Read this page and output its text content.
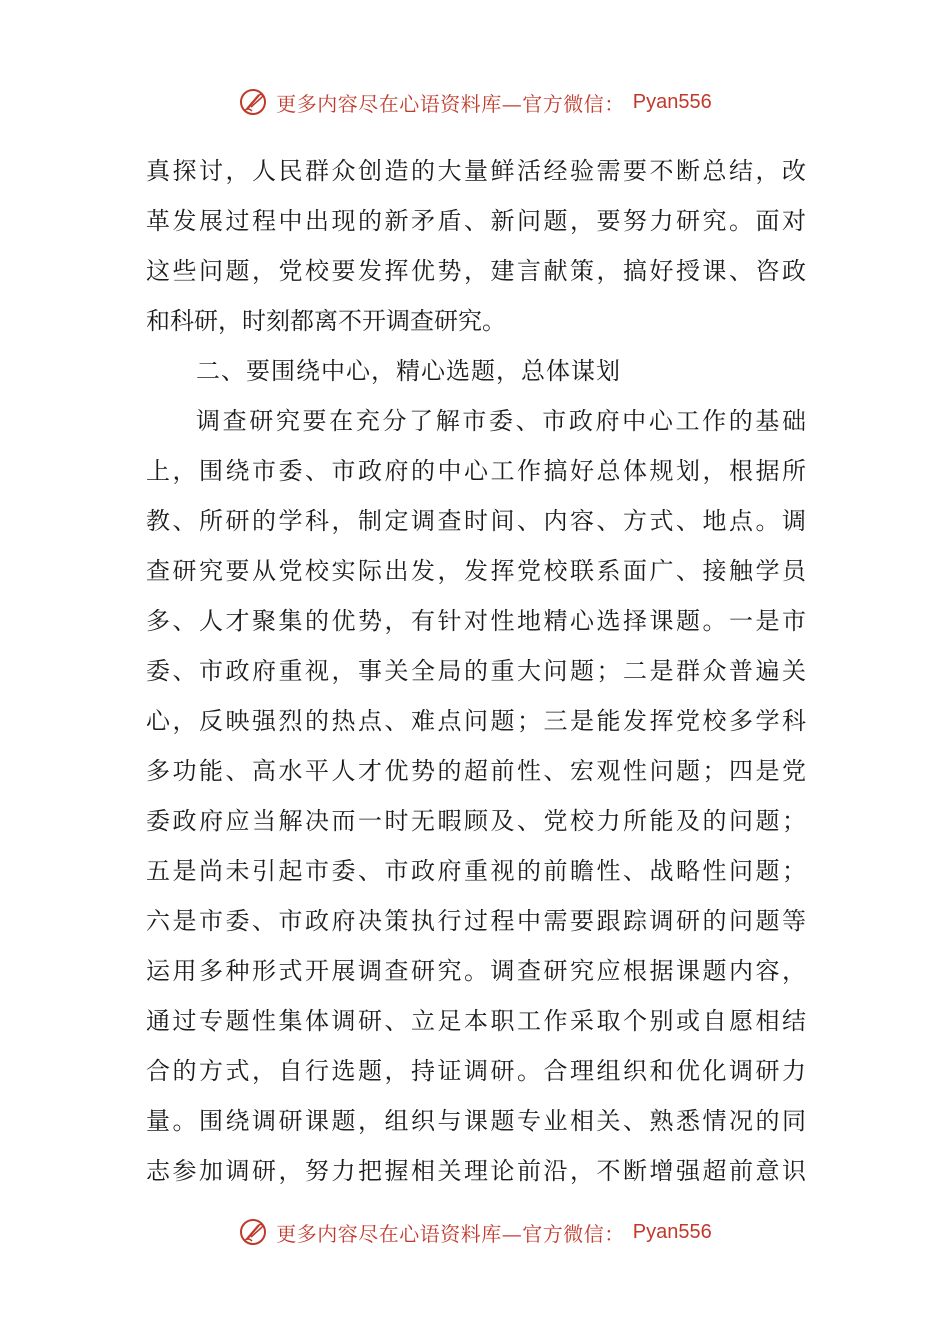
更多内容尽在心语资料库—官方微信： Pyan556
真探讨，人民群众创造的大量鲜活经验需要不断总结，改
革发展过程中出现的新矛盾、新问题，要努力研究。面对
这些问题，党校要发挥优势，建言献策，搞好授课、咨政
和科研，时刻都离不开调查研究。
二、要围绕中心，精心选题，总体谋划
调查研究要在充分了解市委、市政府中心工作的基础
上，围绕市委、市政府的中心工作搞好总体规划，根据所
教、所研的学科，制定调查时间、内容、方式、地点。调
查研究要从党校实际出发，发挥党校联系面广、接触学员
多、人才聚集的优势，有针对性地精心选择课题。一是市
委、市政府重视，事关全局的重大问题；二是群众普遍关
心，反映强烈的热点、难点问题；三是能发挥党校多学科
多功能、高水平人才优势的超前性、宏观性问题；四是党
委政府应当解决而一时无暇顾及、党校力所能及的问题；
五是尚未引起市委、市政府重视的前瞻性、战略性问题；
六是市委、市政府决策执行过程中需要跟踪调研的问题等
运用多种形式开展调查研究。调查研究应根据课题内容，
通过专题性集体调研、立足本职工作采取个别或自愿相结
合的方式，自行选题，持证调研。合理组织和优化调研力
量。围绕调研课题，组织与课题专业相关、熟悉情况的同
志参加调研，努力把握相关理论前沿，不断增强超前意识
更多内容尽在心语资料库—官方微信： Pyan556
